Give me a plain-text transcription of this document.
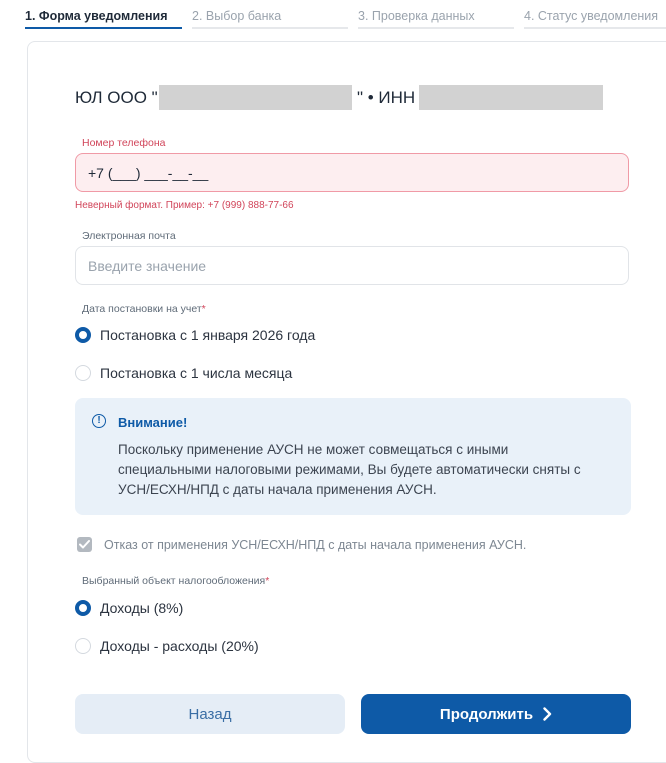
1. Форма уведомления 2. Выбор банка	3. Проверка данных	4. Статус уведомления
ЮЛ ООО "	" • ИНН
Номер телефона
+7 (___) ___-__-__
Неверный формат. Пример: +7 (999) 888-77-66
Электронная почта
Введите значение
Дата постановки на учет*
Постановка с 1 января 2026 года
Постановка с 1 числа месяца
!	Внимание!
Поскольку применение АУСН не может совмещаться с иными специальными налоговыми режимами, Вы будете автоматически сняты с УСН/ЕСХН/НПД с даты начала применения АУСН.
Отказ от применения УСН/ЕСХН/НПД с даты начала применения АУСН.
Выбранный объект налогообложения*
Доходы (8%)
Доходы - расходы (20%)
Назад	Продолжить
